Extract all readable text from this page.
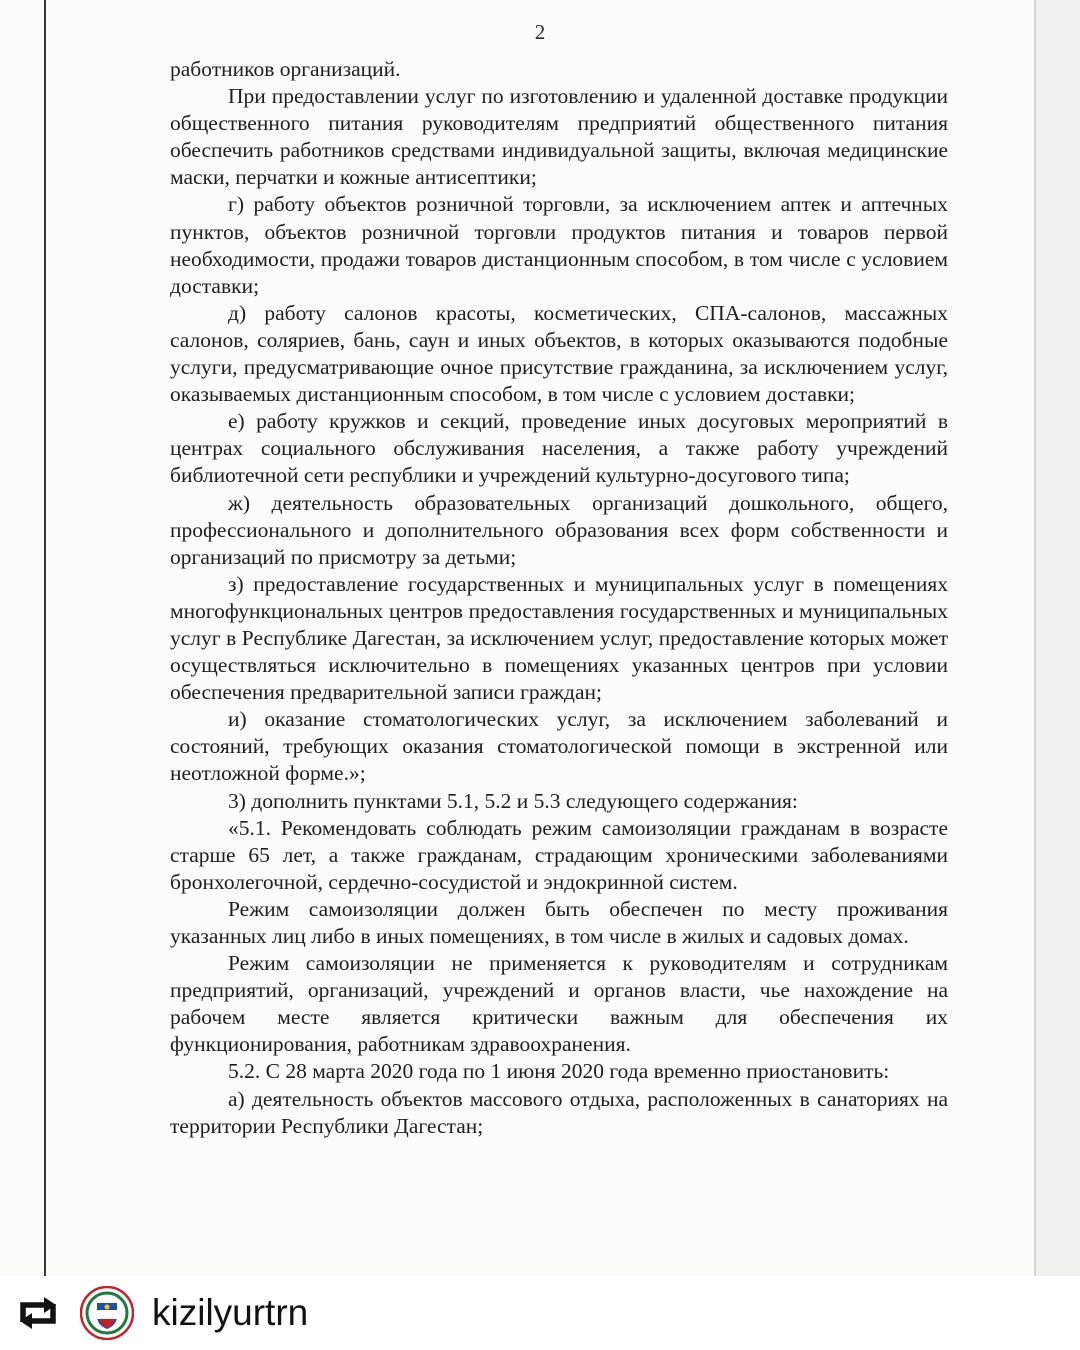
2

работников организаций.

При предоставлении услуг по изготовлению и удаленной доставке продукции общественного питания руководителям предприятий общественного питания обеспечить работников средствами индивидуальной защиты, включая медицинские маски, перчатки и кожные антисептики;

г) работу объектов розничной торговли, за исключением аптек и аптечных пунктов, объектов розничной торговли продуктов питания и товаров первой необходимости, продажи товаров дистанционным способом, в том числе с условием доставки;

д) работу салонов красоты, косметических, СПА-салонов, массажных салонов, соляриев, бань, саун и иных объектов, в которых оказываются подобные услуги, предусматривающие очное присутствие гражданина, за исключением услуг, оказываемых дистанционным способом, в том числе с условием доставки;

е) работу кружков и секций, проведение иных досуговых мероприятий в центрах социального обслуживания населения, а также работу учреждений библиотечной сети республики и учреждений культурно-досугового типа;

ж) деятельность образовательных организаций дошкольного, общего, профессионального и дополнительного образования всех форм собственности и организаций по присмотру за детьми;

з) предоставление государственных и муниципальных услуг в помещениях многофункциональных центров предоставления государственных и муниципальных услуг в Республике Дагестан, за исключением услуг, предоставление которых может осуществляться исключительно в помещениях указанных центров при условии обеспечения предварительной записи граждан;

и) оказание стоматологических услуг, за исключением заболеваний и состояний, требующих оказания стоматологической помощи в экстренной или неотложной форме.»;

3) дополнить пунктами 5.1, 5.2 и 5.3 следующего содержания:

«5.1. Рекомендовать соблюдать режим самоизоляции гражданам в возрасте старше 65 лет, а также гражданам, страдающим хроническими заболеваниями бронхолегочной, сердечно-сосудистой и эндокринной систем.

Режим самоизоляции должен быть обеспечен по месту проживания указанных лиц либо в иных помещениях, в том числе в жилых и садовых домах.

Режим самоизоляции не применяется к руководителям и сотрудникам предприятий, организаций, учреждений и органов власти, чье нахождение на рабочем месте является критически важным для обеспечения их функционирования, работникам здравоохранения.

5.2. С 28 марта 2020 года по 1 июня 2020 года временно приостановить:

а) деятельность объектов массового отдыха, расположенных в санаториях на территории Республики Дагестан;

kizilyurtrn
